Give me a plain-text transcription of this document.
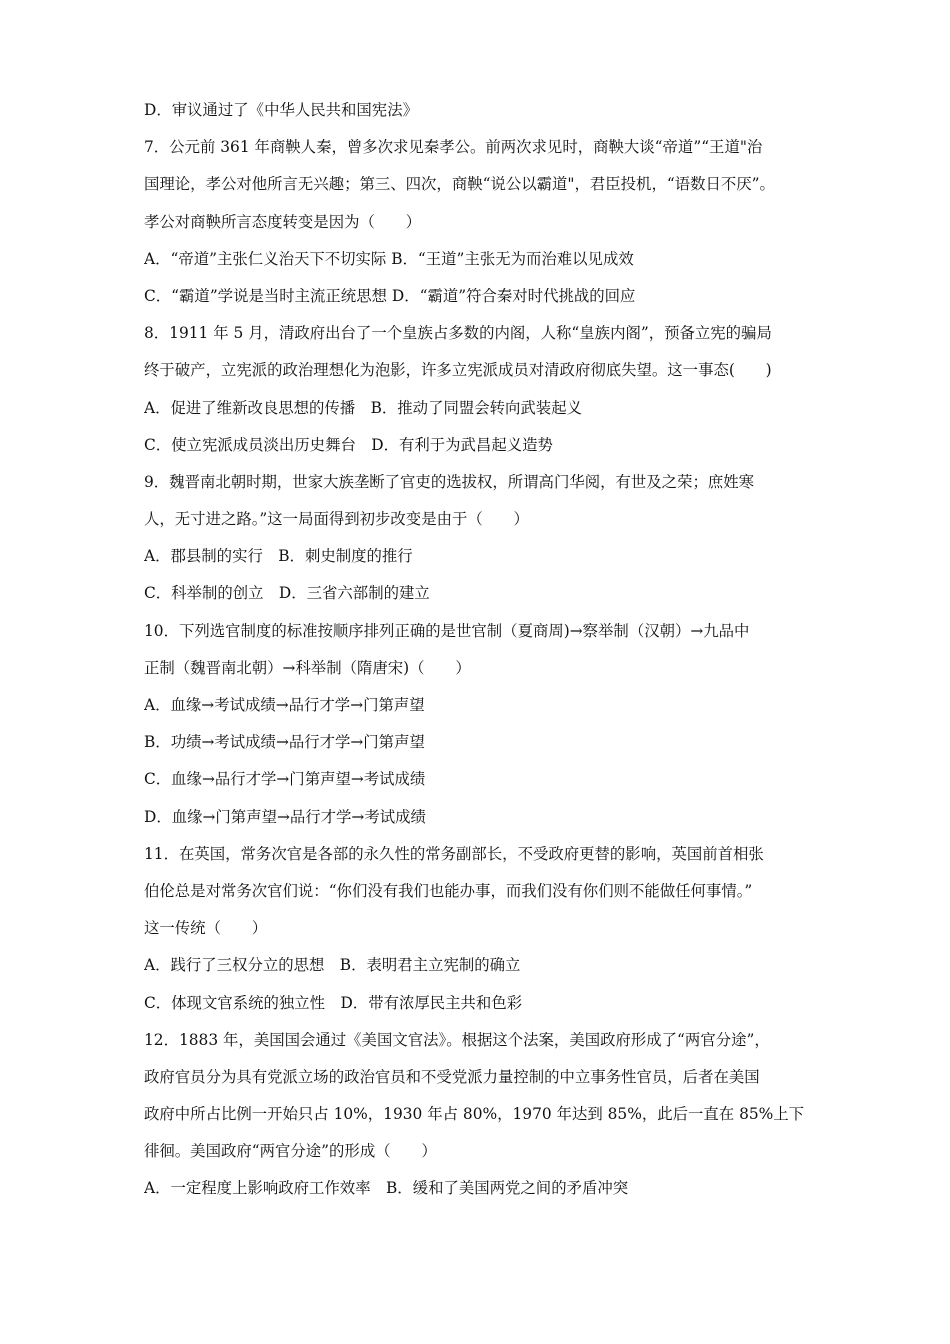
D．审议通过了《中华人民共和国宪法》
7．公元前 361 年商鞅人秦，曾多次求见秦孝公。前两次求见时，商鞅大谈“帝道”“王道"治
国理论，孝公对他所言无兴趣；第三、四次，商鞅“说公以霸道"，君臣投机，“语数日不厌”。
孝公对商鞅所言态度转变是因为（　　）
A．“帝道”主张仁义治天下不切实际 B．“王道”主张无为而治难以见成效
C．“霸道”学说是当时主流正统思想 D．“霸道”符合秦对时代挑战的回应
8．1911 年 5 月，清政府出台了一个皇族占多数的内阁，人称“皇族内阁”，预备立宪的骗局
终于破产，立宪派的政治理想化为泡影，许多立宪派成员对清政府彻底失望。这一事态(　　)
A．促进了维新改良思想的传播　B．推动了同盟会转向武装起义
C．使立宪派成员淡出历史舞台　D．有利于为武昌起义造势
9．魏晋南北朝时期，世家大族垄断了官吏的选拔权，所谓高门华阅，有世及之荣；庶姓寒
人，无寸进之路。”这一局面得到初步改变是由于（　　）
A．郡县制的实行　B．刺史制度的推行
C．科举制的创立　D．三省六部制的建立
10．下列选官制度的标准按顺序排列正确的是世官制（夏商周)→察举制（汉朝）→九品中
正制（魏晋南北朝）→科举制（隋唐宋)（　　）
A．血缘→考试成绩→品行才学→门第声望
B．功绩→考试成绩→品行才学→门第声望
C．血缘→品行才学→门第声望→考试成绩
D．血缘→门第声望→品行才学→考试成绩
11．在英国，常务次官是各部的永久性的常务副部长，不受政府更替的影响，英国前首相张
伯伦总是对常务次官们说：“你们没有我们也能办事，而我们没有你们则不能做任何事情。”
这一传统（　　）
A．践行了三权分立的思想　B．表明君主立宪制的确立
C．体现文官系统的独立性　D．带有浓厚民主共和色彩
12．1883 年，美国国会通过《美国文官法》。根据这个法案，美国政府形成了“两官分途”，
政府官员分为具有党派立场的政治官员和不受党派力量控制的中立事务性官员，后者在美国
政府中所占比例一开始只占 10%，1930 年占 80%，1970 年达到 85%，此后一直在 85%上下
徘徊。美国政府“两官分途”的形成（　　）
A．一定程度上影响政府工作效率　B．缓和了美国两党之间的矛盾冲突
